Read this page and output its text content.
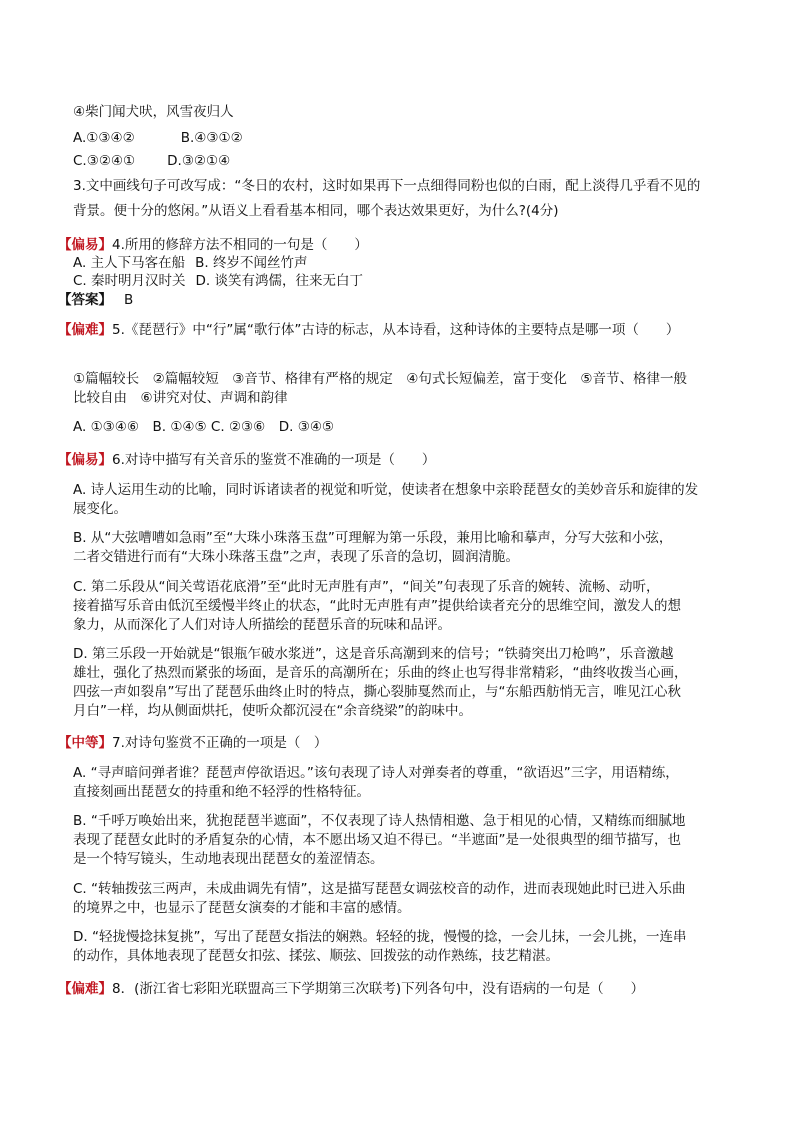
④柴门闻犬吠，风雪夜归人
A.①③④②	B.④③①②
C.③②④① D.③②①④
3.文中画线句子可改写成：“冬日的农村，这时如果再下一点细得同粉也似的白雨，配上淡得几乎看不见的
背景。便十分的悠闲。”从语义上看看基本相同，哪个表达效果更好，为什么?(4分)
【偏易】4.所用的修辞方法不相同的一句是（　　）
A. 主人下马客在船 B. 终岁不闻丝竹声
C. 秦时明月汉时关 D. 谈笑有鸿儒，往来无白丁
【答案】 B
【偏难】5.《琵琶行》中“行”属“歌行体”古诗的标志，从本诗看，这种诗体的主要特点是哪一项（　　）
①篇幅较长　②篇幅较短　③音节、格律有严格的规定　④句式长短偏差，富于变化　⑤音节、格律一般
比较自由　⑥讲究对仗、声调和韵律
A. ①③④⑥　B. ①④⑤ C. ②③⑥　D. ③④⑤
【偏易】6.对诗中描写有关音乐的鉴赏不准确的一项是（　　）
A. 诗人运用生动的比喻，同时诉诸读者的视觉和听觉，使读者在想象中亲聆琵琶女的美妙音乐和旋律的发
展变化。
B. 从“大弦嘈嘈如急雨”至“大珠小珠落玉盘”可理解为第一乐段，兼用比喻和摹声，分写大弦和小弦，
二者交错进行而有“大珠小珠落玉盘”之声，表现了乐音的急切，圆润清脆。
C. 第二乐段从“间关莺语花底滑”至“此时无声胜有声”，“间关”句表现了乐音的婉转、流畅、动听，
接着描写乐音由低沉至缓慢半终止的状态，“此时无声胜有声”提供给读者充分的思维空间，激发人的想
象力，从而深化了人们对诗人所描绘的琵琶乐音的玩味和品评。
D. 第三乐段一开始就是“银瓶乍破水浆迸”，这是音乐高潮到来的信号；“铁骑突出刀枪鸣”，乐音激越
雄壮，强化了热烈而紧张的场面，是音乐的高潮所在；乐曲的终止也写得非常精彩，“曲终收拨当心画，
四弦一声如裂帛”写出了琵琶乐曲终止时的特点，撕心裂肺戛然而止，与“东船西舫悄无言，唯见江心秋
月白”一样，均从侧面烘托，使听众都沉浸在“余音绕梁”的韵味中。
【中等】7.对诗句鉴赏不正确的一项是（　）
A. “寻声暗问弹者谁？琵琶声停欲语迟。”该句表现了诗人对弹奏者的尊重，“欲语迟”三字，用语精练，
直接刻画出琵琶女的持重和绝不轻浮的性格特征。
B. “千呼万唤始出来，犹抱琵琶半遮面”，不仅表现了诗人热情相邀、急于相见的心情，又精练而细腻地
表现了琵琶女此时的矛盾复杂的心情，本不愿出场又迫不得已。“半遮面”是一处很典型的细节描写，也
是一个特写镜头，生动地表现出琵琶女的羞涩情态。
C. “转轴拨弦三两声，未成曲调先有情”，这是描写琵琶女调弦校音的动作，进而表现她此时已进入乐曲
的境界之中，也显示了琵琶女演奏的才能和丰富的感情。
D. “轻拢慢捻抹复挑”，写出了琵琶女指法的娴熟。轻轻的拢，慢慢的捻，一会儿抹，一会儿挑，一连串
的动作，具体地表现了琵琶女扣弦、揉弦、顺弦、回拨弦的动作熟练，技艺精湛。
【偏难】8．(浙江省七彩阳光联盟高三下学期第三次联考)下列各句中，没有语病的一句是（　　）
